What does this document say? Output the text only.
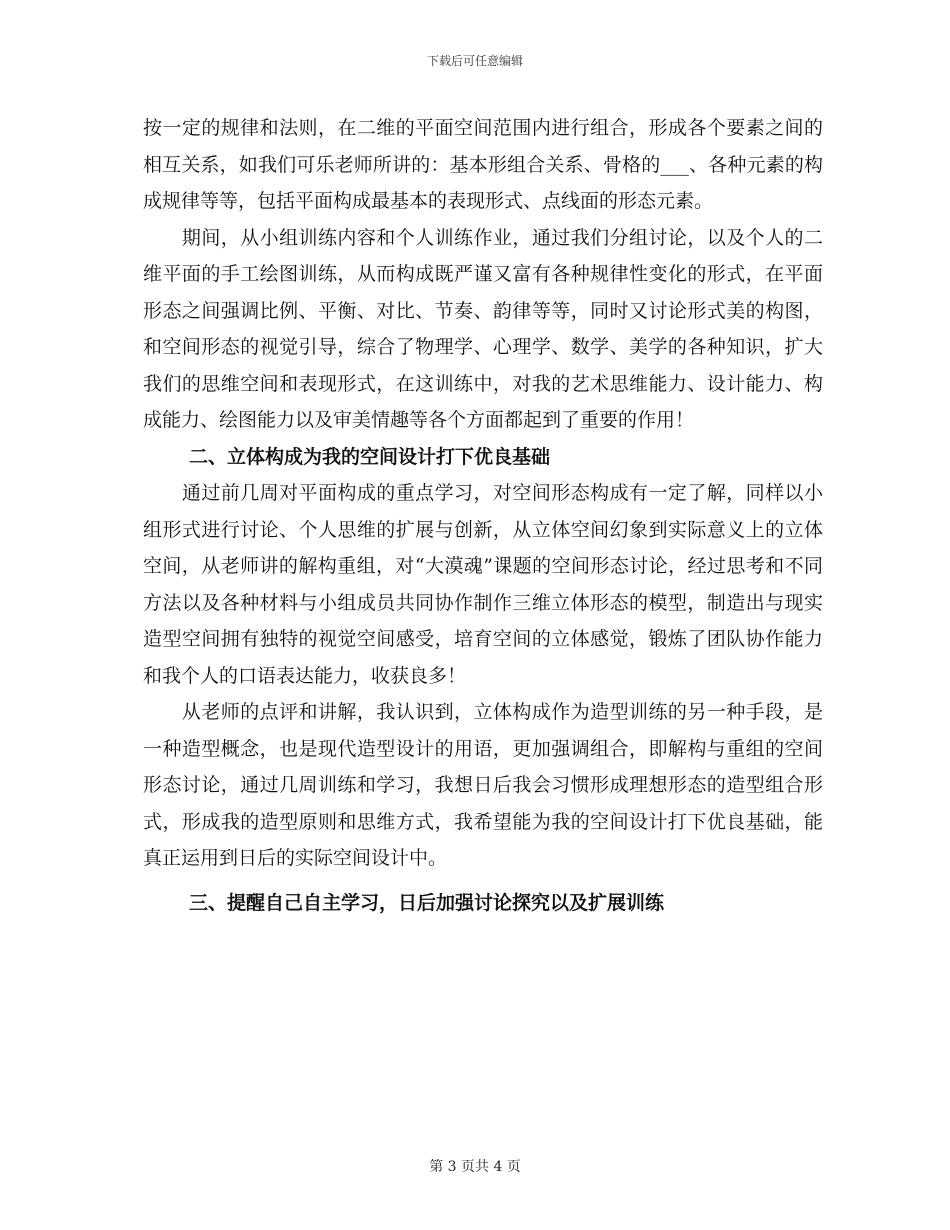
下载后可任意编辑

按一定的规律和法则，在二维的平面空间范围内进行组合，形成各个要素之间的相互关系，如我们可乐老师所讲的：基本形组合关系、骨格的___、各种元素的构成规律等等，包括平面构成最基本的表现形式、点线面的形态元素。

　　期间，从小组训练内容和个人训练作业，通过我们分组讨论，以及个人的二维平面的手工绘图训练，从而构成既严谨又富有各种规律性变化的形式，在平面形态之间强调比例、平衡、对比、节奏、韵律等等，同时又讨论形式美的构图，和空间形态的视觉引导，综合了物理学、心理学、数学、美学的各种知识，扩大我们的思维空间和表现形式，在这训练中，对我的艺术思维能力、设计能力、构成能力、绘图能力以及审美情趣等各个方面都起到了重要的作用！

二、立体构成为我的空间设计打下优良基础

　　通过前几周对平面构成的重点学习，对空间形态构成有一定了解，同样以小组形式进行讨论、个人思维的扩展与创新，从立体空间幻象到实际意义上的立体空间，从老师讲的解构重组，对“大漠魂”课题的空间形态讨论，经过思考和不同方法以及各种材料与小组成员共同协作制作三维立体形态的模型，制造出与现实造型空间拥有独特的视觉空间感受，培育空间的立体感觉，锻炼了团队协作能力和我个人的口语表达能力，收获良多！

　　从老师的点评和讲解，我认识到，立体构成作为造型训练的另一种手段，是一种造型概念，也是现代造型设计的用语，更加强调组合，即解构与重组的空间形态讨论，通过几周训练和学习，我想日后我会习惯形成理想形态的造型组合形式，形成我的造型原则和思维方式，我希望能为我的空间设计打下优良基础，能真正运用到日后的实际空间设计中。

三、提醒自己自主学习，日后加强讨论探究以及扩展训练

第 3 页共 4 页
